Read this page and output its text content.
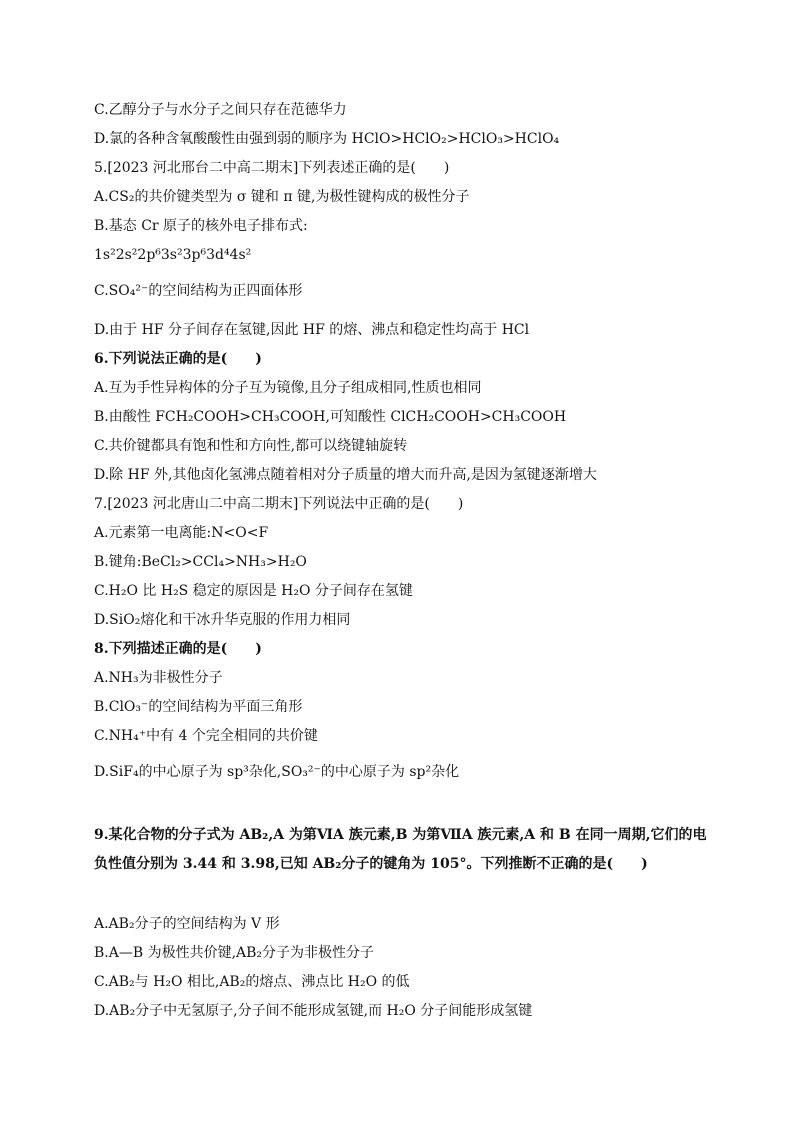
C.乙醇分子与水分子之间只存在范德华力

D.氯的各种含氧酸酸性由强到弱的顺序为 HClO>HClO₂>HClO₃>HClO₄

5.[2023 河北邢台二中高二期末]下列表述正确的是(　　)

A.CS₂的共价键类型为 σ 键和 π 键,为极性键构成的极性分子

B.基态 Cr 原子的核外电子排布式:

1s²2s²2p⁶3s²3p⁶3d⁴4s²

C.SO₄²⁻的空间结构为正四面体形

D.由于 HF 分子间存在氢键,因此 HF 的熔、沸点和稳定性均高于 HCl

6.下列说法正确的是(　　)

A.互为手性异构体的分子互为镜像,且分子组成相同,性质也相同

B.由酸性 FCH₂COOH>CH₃COOH,可知酸性 ClCH₂COOH>CH₃COOH

C.共价键都具有饱和性和方向性,都可以绕键轴旋转

D.除 HF 外,其他卤化氢沸点随着相对分子质量的增大而升高,是因为氢键逐渐增大

7.[2023 河北唐山二中高二期末]下列说法中正确的是(　　)

A.元素第一电离能:N<O<F

B.键角:BeCl₂>CCl₄>NH₃>H₂O

C.H₂O 比 H₂S 稳定的原因是 H₂O 分子间存在氢键

D.SiO₂熔化和干冰升华克服的作用力相同

8.下列描述正确的是(　　)

A.NH₃为非极性分子

B.ClO₃⁻的空间结构为平面三角形

C.NH₄⁺中有 4 个完全相同的共价键

D.SiF₄的中心原子为 sp³杂化,SO₃²⁻的中心原子为 sp²杂化

9.某化合物的分子式为 AB₂,A 为第ⅥA 族元素,B 为第ⅦA 族元素,A 和 B 在同一周期,它们的电负性值分别为 3.44 和 3.98,已知 AB₂分子的键角为 105°。下列推断不正确的是(　　)

A.AB₂分子的空间结构为 V 形

B.A—B 为极性共价键,AB₂分子为非极性分子

C.AB₂与 H₂O 相比,AB₂的熔点、沸点比 H₂O 的低

D.AB₂分子中无氢原子,分子间不能形成氢键,而 H₂O 分子间能形成氢键
